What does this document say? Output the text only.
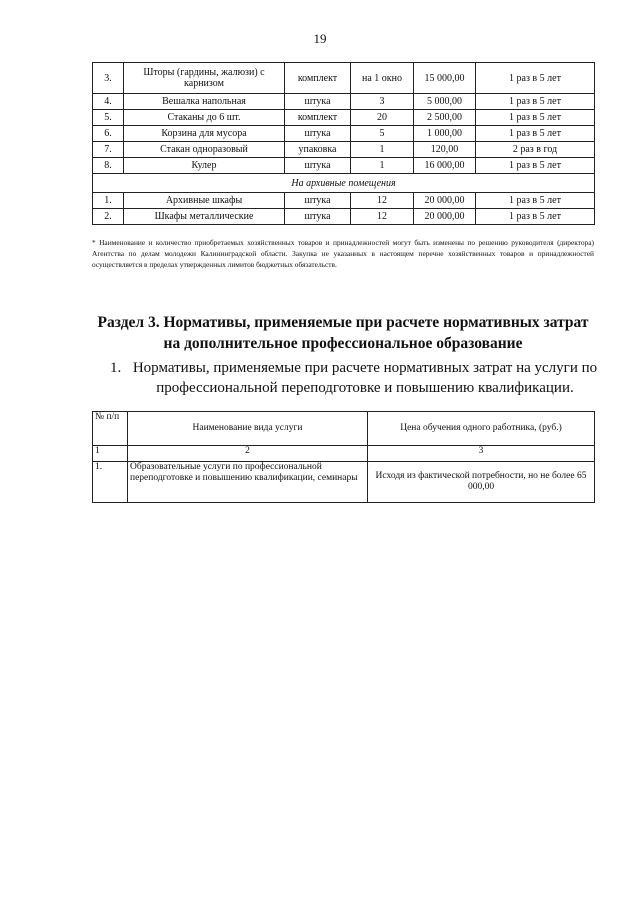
19
3.	Шторы (гардины, жалюзи) с карнизом	комплект	на 1 окно	15 000,00	1 раз в 5 лет
4.	Вешалка напольная	штука	3	5 000,00	1 раз в 5 лет
5.	Стаканы до 6 шт.	комплект	20	2 500,00	1 раз в 5 лет
6.	Корзина для мусора	штука	5	1 000,00	1 раз в 5 лет
7.	Стакан одноразовый	упаковка	1	120,00	2 раз в год
8.	Кулер	штука	1	16 000,00	1 раз в 5 лет
На архивные помещения					
1.	Архивные шкафы	штука	12	20 000,00	1 раз в 5 лет
2.	Шкафы металлические	штука	12	20 000,00	1 раз в 5 лет
* Наименование и количество приобретаемых хозяйственных товаров и принадлежностей могут быть изменены по решению руководителя (директора) Агентства по делам молодежи Калининградской области. Закупка не указанных в настоящем перечне хозяйственных товаров и принадлежностей осуществляется в пределах утвержденных лимитов бюджетных обязательств.
Раздел 3. Нормативы, применяемые при расчете нормативных затрат на дополнительное профессиональное образование
1. Нормативы, применяемые при расчете нормативных затрат на услуги по профессиональной переподготовке и повышению квалификации.
№ п/п	Наименование вида услуги	Цена обучения одного работника, (руб.)
1	2	3
1.	Образовательные услуги по профессиональной переподготовке и повышению квалификации, семинары	Исходя из фактической потребности, но не более 65 000,00
